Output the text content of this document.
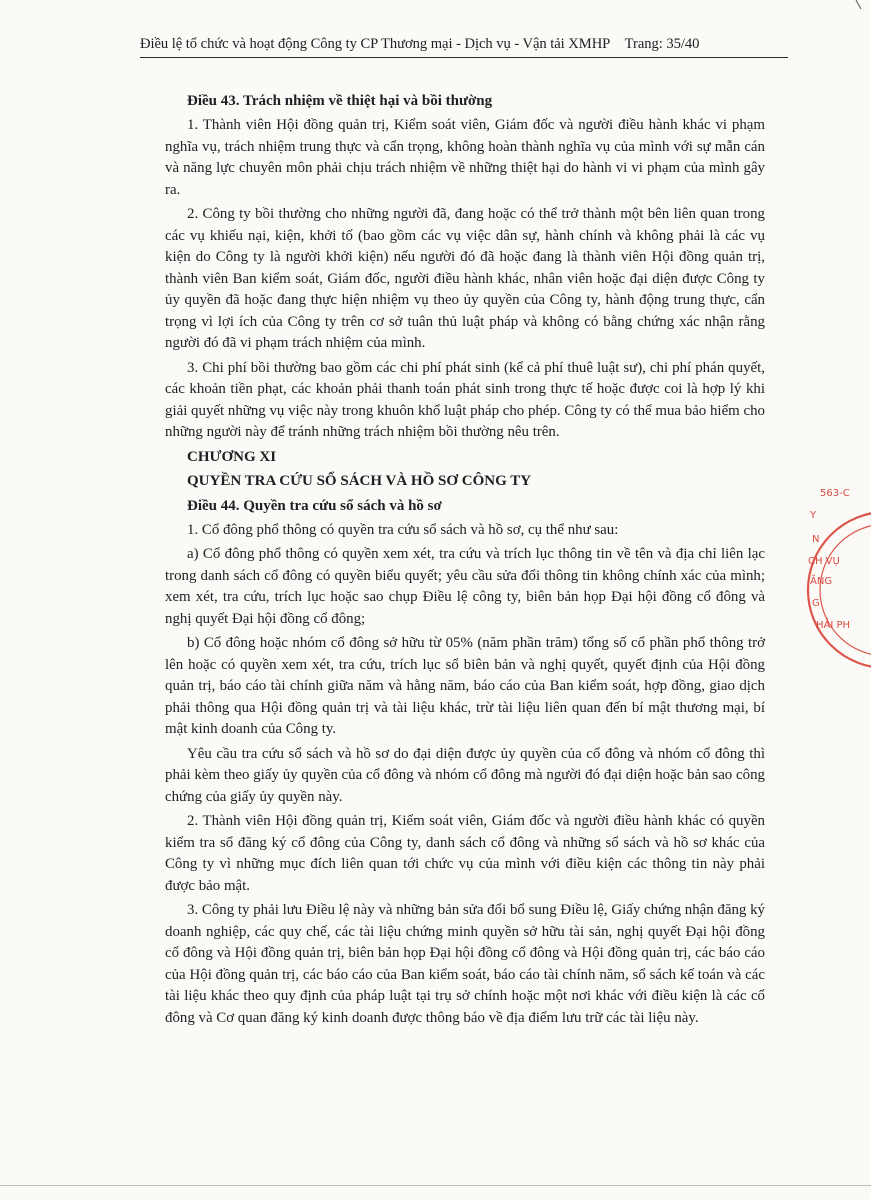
Điều lệ tổ chức và hoạt động Công ty CP Thương mại - Dịch vụ - Vận tải XMHP Trang: 35/40

Điều 43. Trách nhiệm về thiệt hại và bồi thường

1. Thành viên Hội đồng quản trị, Kiểm soát viên, Giám đốc và người điều hành khác vi phạm nghĩa vụ, trách nhiệm trung thực và cẩn trọng, không hoàn thành nghĩa vụ của mình với sự mẫn cán và năng lực chuyên môn phải chịu trách nhiệm về những thiệt hại do hành vi vi phạm của mình gây ra.

2. Công ty bồi thường cho những người đã, đang hoặc có thể trở thành một bên liên quan trong các vụ khiếu nại, kiện, khởi tố (bao gồm các vụ việc dân sự, hành chính và không phải là các vụ kiện do Công ty là người khởi kiện) nếu người đó đã hoặc đang là thành viên Hội đồng quản trị, thành viên Ban kiểm soát, Giám đốc, người điều hành khác, nhân viên hoặc đại diện được Công ty ủy quyền đã hoặc đang thực hiện nhiệm vụ theo ủy quyền của Công ty, hành động trung thực, cẩn trọng vì lợi ích của Công ty trên cơ sở tuân thủ luật pháp và không có bằng chứng xác nhận rằng người đó đã vi phạm trách nhiệm của mình.

3. Chi phí bồi thường bao gồm các chi phí phát sinh (kể cả phí thuê luật sư), chi phí phán quyết, các khoản tiền phạt, các khoản phải thanh toán phát sinh trong thực tế hoặc được coi là hợp lý khi giải quyết những vụ việc này trong khuôn khổ luật pháp cho phép. Công ty có thể mua bảo hiểm cho những người này để tránh những trách nhiệm bồi thường nêu trên.

CHƯƠNG XI

QUYỀN TRA CỨU SỔ SÁCH VÀ HỒ SƠ CÔNG TY

Điều 44. Quyền tra cứu sổ sách và hồ sơ

1. Cổ đông phổ thông có quyền tra cứu sổ sách và hồ sơ, cụ thể như sau:

a) Cổ đông phổ thông có quyền xem xét, tra cứu và trích lục thông tin về tên và địa chỉ liên lạc trong danh sách cổ đông có quyền biểu quyết; yêu cầu sửa đổi thông tin không chính xác của mình; xem xét, tra cứu, trích lục hoặc sao chụp Điều lệ công ty, biên bản họp Đại hội đồng cổ đông và nghị quyết Đại hội đồng cổ đông;

b) Cổ đông hoặc nhóm cổ đông sở hữu từ 05% (năm phần trăm) tổng số cổ phần phổ thông trở lên hoặc có quyền xem xét, tra cứu, trích lục sổ biên bản và nghị quyết, quyết định của Hội đồng quản trị, báo cáo tài chính giữa năm và hằng năm, báo cáo của Ban kiểm soát, hợp đồng, giao dịch phải thông qua Hội đồng quản trị và tài liệu khác, trừ tài liệu liên quan đến bí mật thương mại, bí mật kinh doanh của Công ty.

Yêu cầu tra cứu sổ sách và hồ sơ do đại diện được ủy quyền của cổ đông và nhóm cổ đông thì phải kèm theo giấy ủy quyền của cổ đông và nhóm cổ đông mà người đó đại diện hoặc bản sao công chứng của giấy ủy quyền này.

2. Thành viên Hội đồng quản trị, Kiểm soát viên, Giám đốc và người điều hành khác có quyền kiểm tra sổ đăng ký cổ đông của Công ty, danh sách cổ đông và những sổ sách và hồ sơ khác của Công ty vì những mục đích liên quan tới chức vụ của mình với điều kiện các thông tin này phải được bảo mật.

3. Công ty phải lưu Điều lệ này và những bản sửa đổi bổ sung Điều lệ, Giấy chứng nhận đăng ký doanh nghiệp, các quy chế, các tài liệu chứng minh quyền sở hữu tài sản, nghị quyết Đại hội đồng cổ đông và Hội đồng quản trị, biên bản họp Đại hội đồng cổ đông và Hội đồng quản trị, các báo cáo của Hội đồng quản trị, các báo cáo của Ban kiểm soát, báo cáo tài chính năm, sổ sách kế toán và các tài liệu khác theo quy định của pháp luật tại trụ sở chính hoặc một nơi khác với điều kiện là các cổ đông và Cơ quan đăng ký kinh doanh được thông báo về địa điểm lưu trữ các tài liệu này.

563-C
Y
N
CH VỤ
ĂNG
G
HẢI PH
